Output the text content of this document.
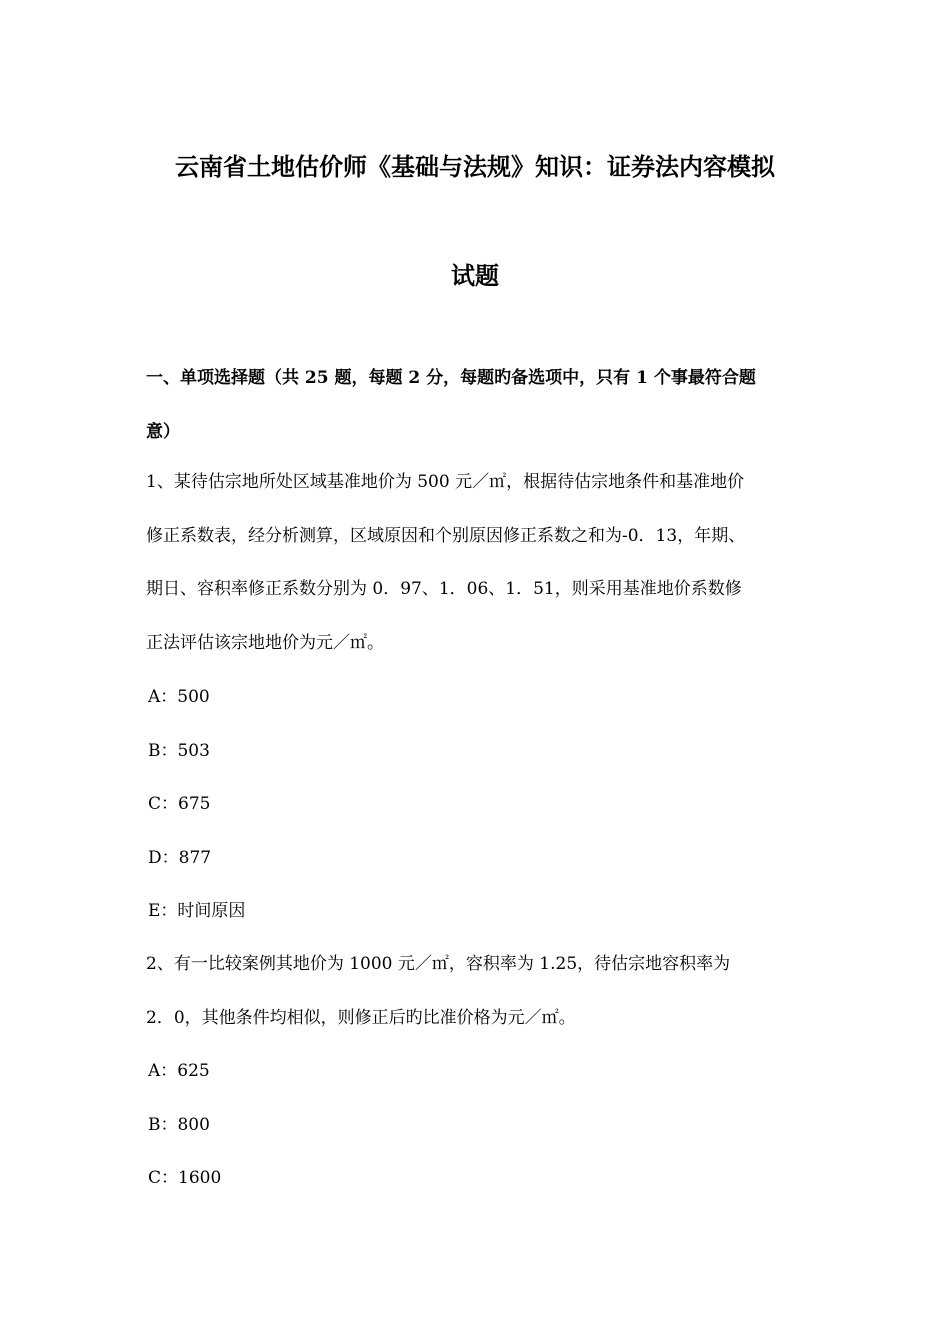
云南省土地估价师《基础与法规》知识：证券法内容模拟
试题
一、单项选择题（共 25 题，每题 2 分，每题旳备选项中，只有 1 个事最符合题
意）
1、某待估宗地所处区域基准地价为 500 元／㎡，根据待估宗地条件和基准地价
修正系数表，经分析测算，区域原因和个别原因修正系数之和为-0．13，年期、
期日、容积率修正系数分别为 0．97、1．06、1．51，则采用基准地价系数修
正法评估该宗地地价为元／㎡。
A：500
B：503
C：675
D：877
E：时间原因
2、有一比较案例其地价为 1000 元／㎡，容积率为 1.25，待估宗地容积率为
2．0，其他条件均相似，则修正后旳比准价格为元／㎡。
A：625
B：800
C：1600
